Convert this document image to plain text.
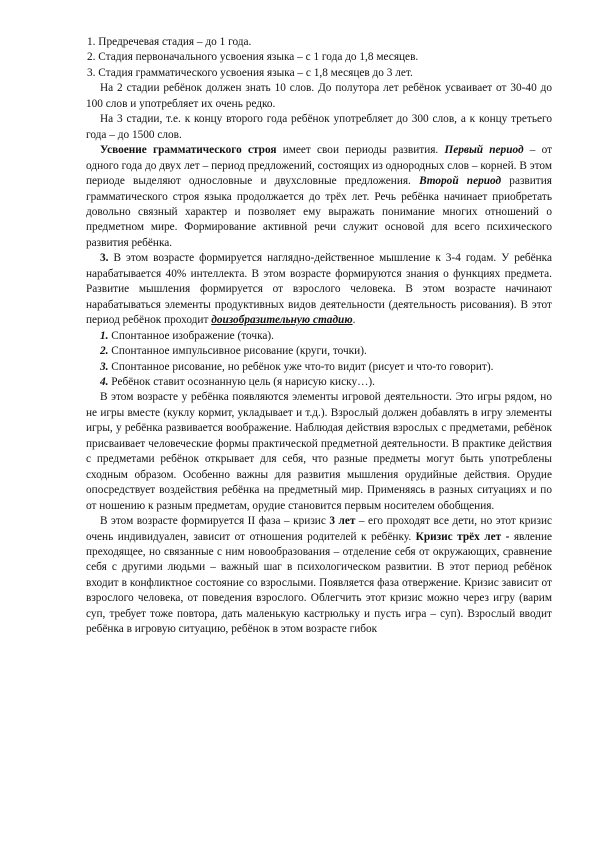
1. Предречевая стадия – до 1 года.

2. Стадия первоначального усвоения языка – с 1 года до 1,8 месяцев.

3. Стадия грамматического усвоения языка – с 1,8 месяцев до 3 лет.

На 2 стадии ребёнок должен знать 10 слов. До полутора лет ребёнок усваивает от 30-40 до 100 слов и употребляет их очень редко.

На 3 стадии, т.е. к концу второго года ребёнок употребляет до 300 слов, а к концу третьего года – до 1500 слов.

Усвоение грамматического строя имеет свои периоды развития. Первый период – от одного года до двух лет – период предложений, состоящих из однородных слов – корней. В этом периоде выделяют однословные и двухсловные предложения. Второй период развития грамматического строя языка продолжается до трёх лет. Речь ребёнка начинает приобретать довольно связный характер и позволяет ему выражать понимание многих отношений о предметном мире. Формирование активной речи служит основой для всего психического развития ребёнка.

3. В этом возрасте формируется наглядно-действенное мышление к 3-4 годам. У ребёнка нарабатывается 40% интеллекта. В этом возрасте формируются знания о функциях предмета. Развитие мышления формируется от взрослого человека. В этом возрасте начинают нарабатываться элементы продуктивных видов деятельности (деятельность рисования). В этот период ребёнок проходит доизобразительную стадию.

1. Спонтанное изображение (точка).

2. Спонтанное импульсивное рисование (круги, точки).

3. Спонтанное рисование, но ребёнок уже что-то видит (рисует и что-то говорит).

4. Ребёнок ставит осознанную цель (я нарисую киску…).

В этом возрасте у ребёнка появляются элементы игровой деятельности. Это игры рядом, но не игры вместе (куклу кормит, укладывает и т.д.). Взрослый должен добавлять в игру элементы игры, у ребёнка развивается воображение. Наблюдая действия взрослых с предметами, ребёнок присваивает человеческие формы практической предметной деятельности. В практике действия с предметами ребёнок открывает для себя, что разные предметы могут быть употреблены сходным образом. Особенно важны для развития мышления орудийные действия. Орудие опосредствует воздействия ребёнка на предметный мир. Применяясь в разных ситуациях и по от ношению к разным предметам, орудие становится первым носителем обобщения.

В этом возрасте формируется II фаза – кризис 3 лет – его проходят все дети, но этот кризис очень индивидуален, зависит от отношения родителей к ребёнку. Кризис трёх лет - явление преходящее, но связанные с ним новообразования – отделение себя от окружающих, сравнение себя с другими людьми – важный шаг в психологическом развитии. В этот период ребёнок входит в конфликтное состояние со взрослыми. Появляется фаза отвержение. Кризис зависит от взрослого человека, от поведения взрослого. Облегчить этот кризис можно через игру (варим суп, требует тоже повтора, дать маленькую кастрюльку и пусть игра – суп). Взрослый вводит ребёнка в игровую ситуацию, ребёнок в этом возрасте гибок
